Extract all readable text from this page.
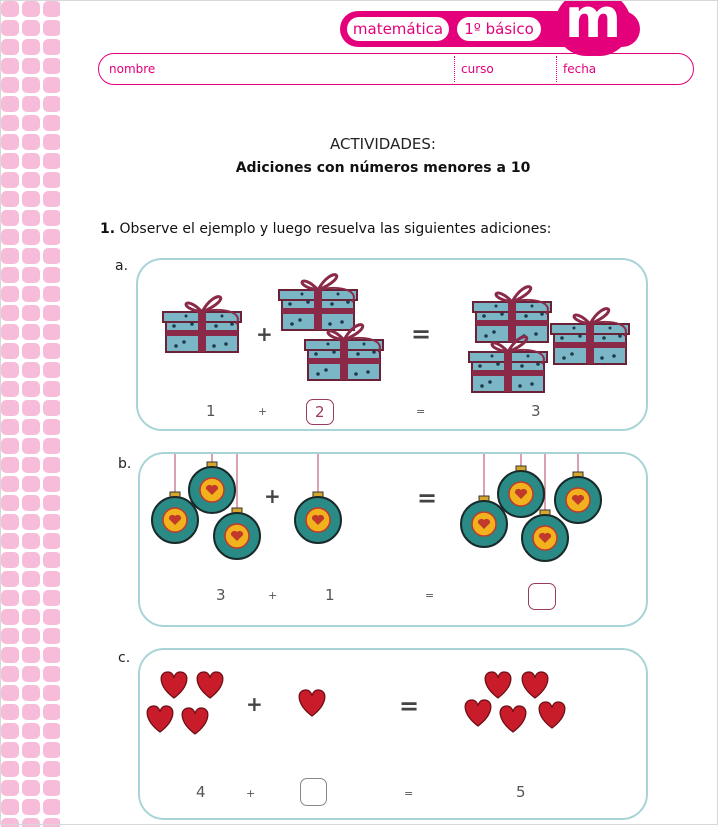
matemática	1º básico m
nombre	curso	fecha
ACTIVIDADES:
Adiciones con números menores a 10
1. Observe el ejemplo y luego resuelva las siguientes adiciones:
a.
+	=
1	+	2	=	3
b.
+	=
3	+	1	=
c.
+	=
4	+	=	5
